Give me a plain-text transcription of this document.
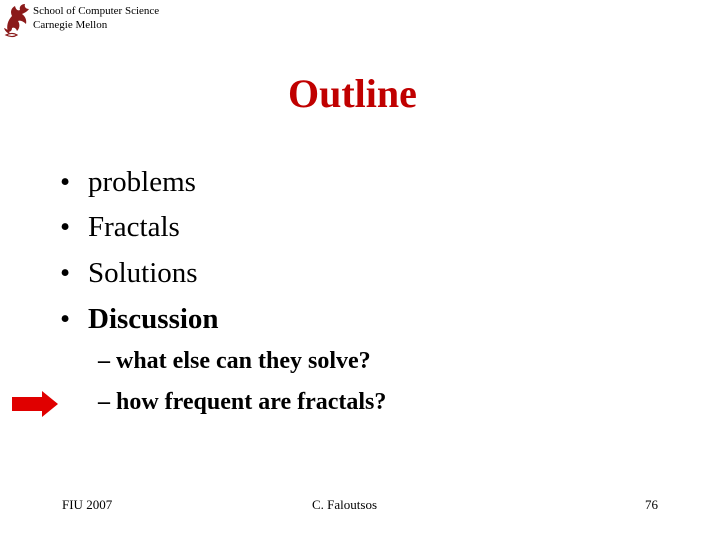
School of Computer Science
Carnegie Mellon
Outline
• problems
• Fractals
• Solutions
• Discussion
– what else can they solve?
– how frequent are fractals?
FIU 2007	C. Faloutsos	76
